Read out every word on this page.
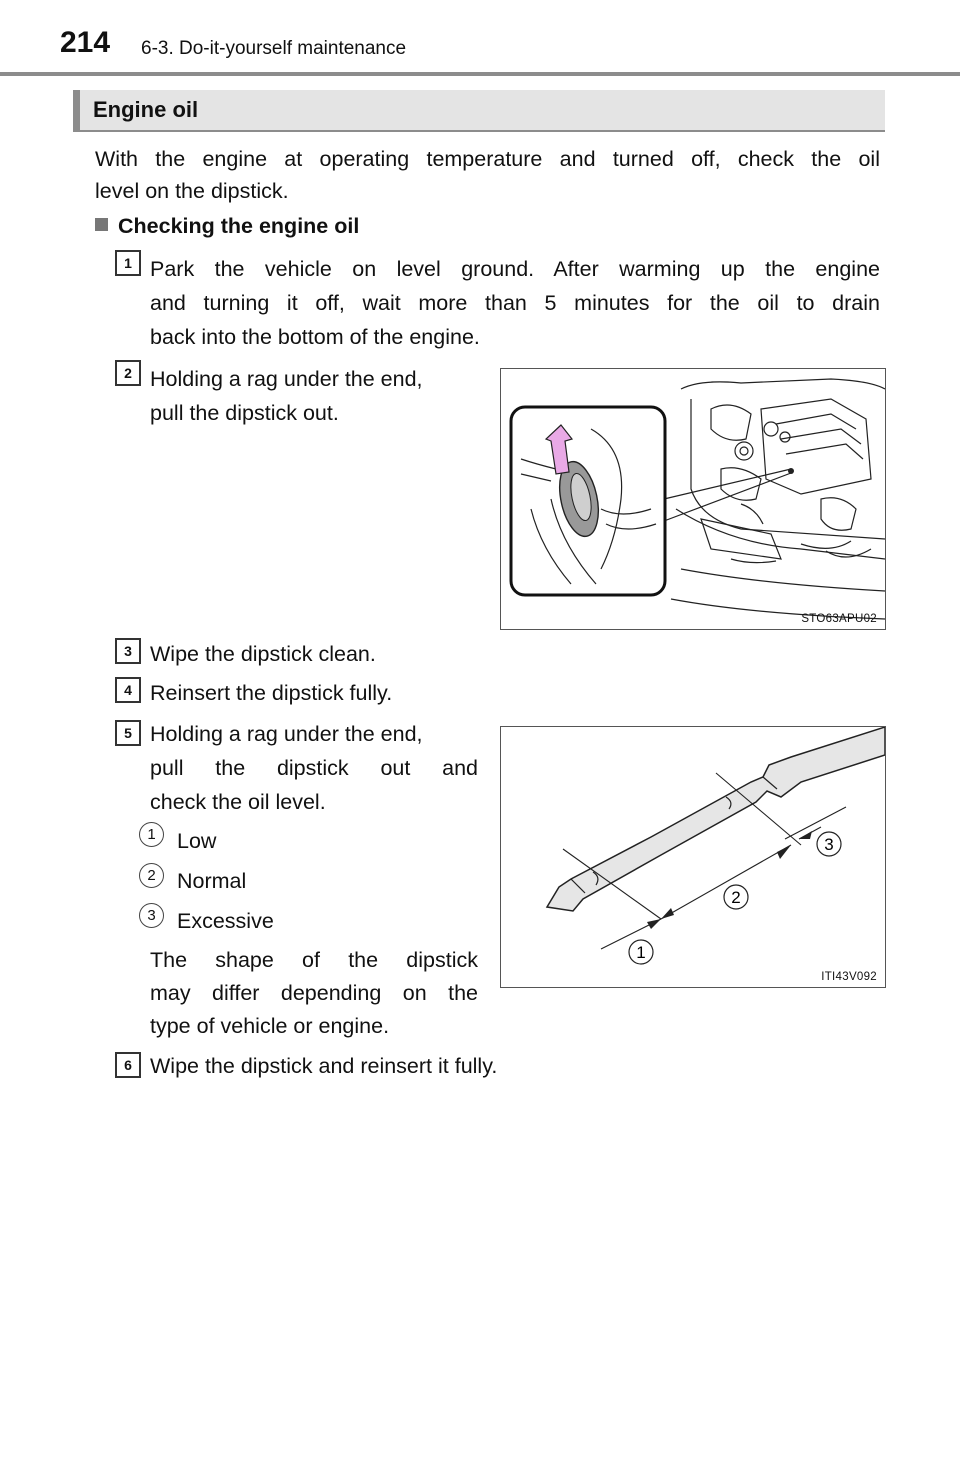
214 6-3. Do-it-yourself maintenance
Engine oil
With the engine at operating temperature and turned off, check the oil
level on the dipstick.
Checking the engine oil
1 Park the vehicle on level ground. After warming up the engine
and turning it off, wait more than 5 minutes for the oil to drain
back into the bottom of the engine.
2 Holding a rag under the end,
pull the dipstick out.
STO63APU02
3 Wipe the dipstick clean.
4 Reinsert the dipstick fully.
5 Holding a rag under the end,
pull the dipstick out and
check the oil level.
1 Low
2 Normal
3 Excessive
The shape of the dipstick
may differ depending on the
type of vehicle or engine.
1
2
3
ITI43V092
6 Wipe the dipstick and reinsert it fully.
